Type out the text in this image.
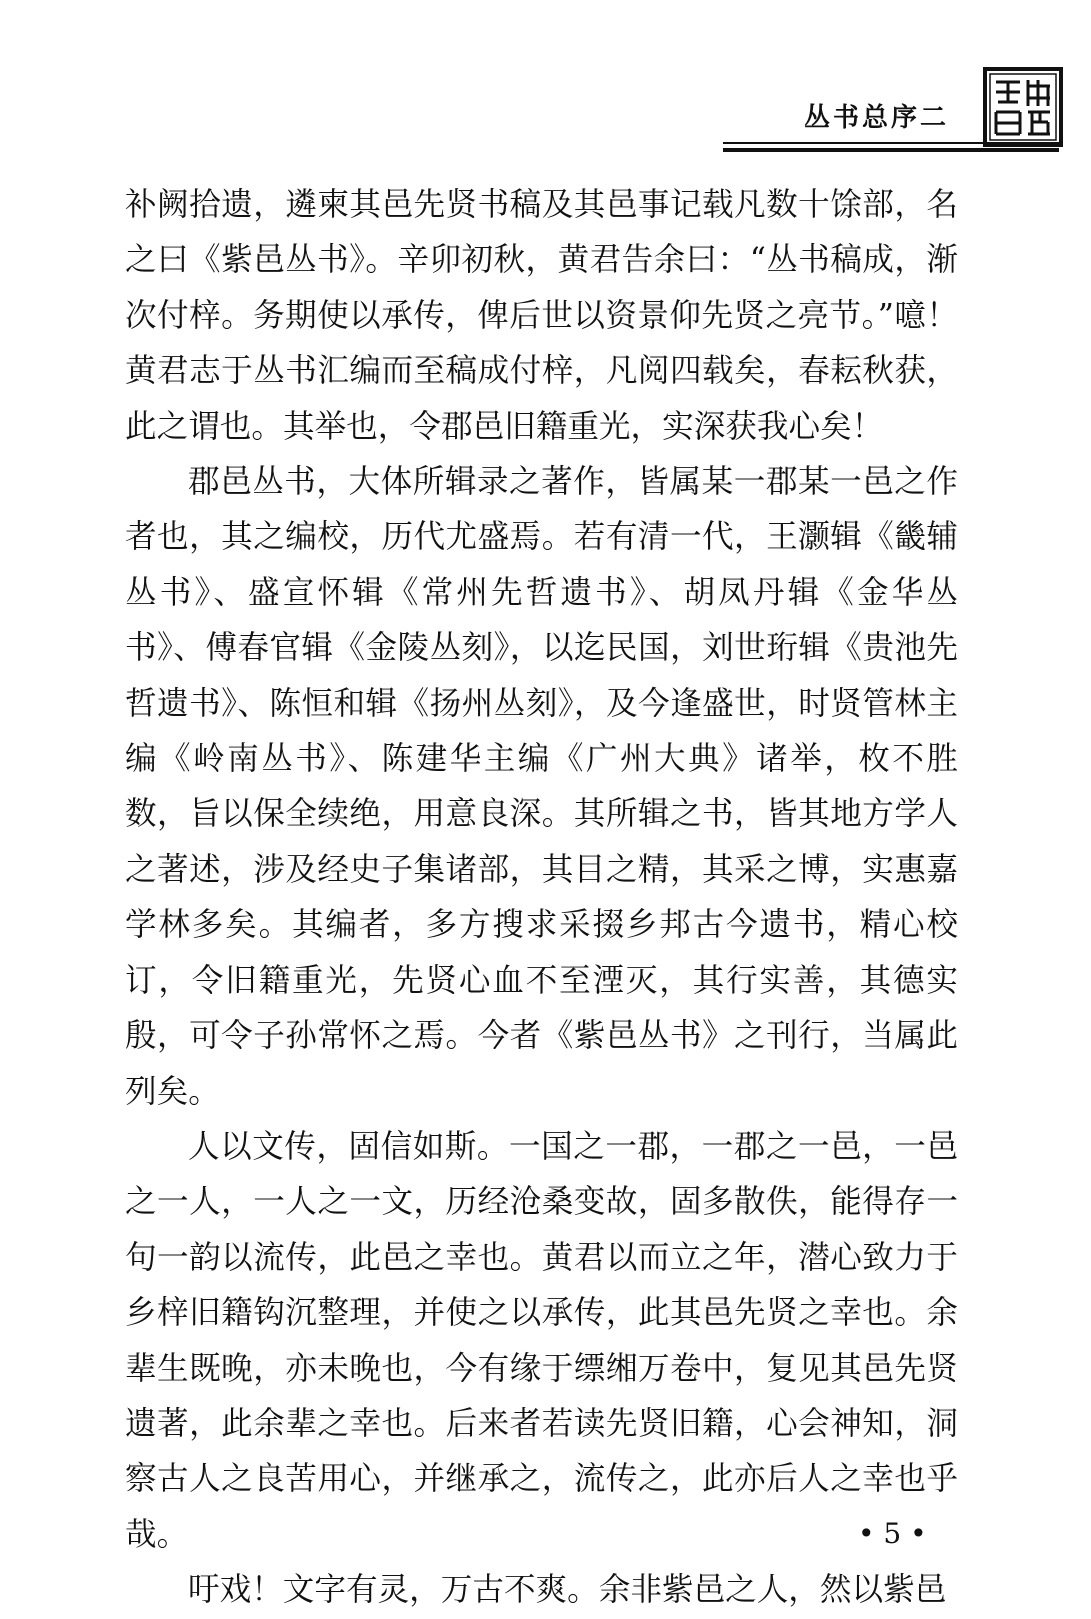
丛书总序二

补阙拾遗，遴柬其邑先贤书稿及其邑事记载凡数十馀部，名之曰《紫邑丛书》。辛卯初秋，黄君告余曰：“丛书稿成，渐次付梓。务期使以承传，俾后世以资景仰先贤之亮节。”噫！黄君志于丛书汇编而至稿成付梓，凡阅四载矣，春耘秋获，此之谓也。其举也，令郡邑旧籍重光，实深获我心矣！

郡邑丛书，大体所辑录之著作，皆属某一郡某一邑之作者也，其之编校，历代尤盛焉。若有清一代，王灏辑《畿辅丛书》、盛宣怀辑《常州先哲遗书》、胡凤丹辑《金华丛书》、傅春官辑《金陵丛刻》，以迄民国，刘世珩辑《贵池先哲遗书》、陈恒和辑《扬州丛刻》，及今逢盛世，时贤管林主编《岭南丛书》、陈建华主编《广州大典》诸举，枚不胜数，旨以保全续绝，用意良深。其所辑之书，皆其地方学人之著述，涉及经史子集诸部，其目之精，其采之博，实惠嘉学林多矣。其编者，多方搜求采掇乡邦古今遗书，精心校订，令旧籍重光，先贤心血不至湮灭，其行实善，其德实殷，可令子孙常怀之焉。今者《紫邑丛书》之刊行，当属此列矣。

人以文传，固信如斯。一国之一郡，一郡之一邑，一邑之一人，一人之一文，历经沧桑变故，固多散佚，能得存一句一韵以流传，此邑之幸也。黄君以而立之年，潜心致力于乡梓旧籍钩沉整理，并使之以承传，此其邑先贤之幸也。余辈生既晚，亦未晚也，今有缘于缥缃万卷中，复见其邑先贤遗著，此余辈之幸也。后来者若读先贤旧籍，心会神知，洞察古人之良苦用心，并继承之，流传之，此亦后人之幸也乎哉。

吁戏！文字有灵，万古不爽。余非紫邑之人，然以紫邑

• 5 •
